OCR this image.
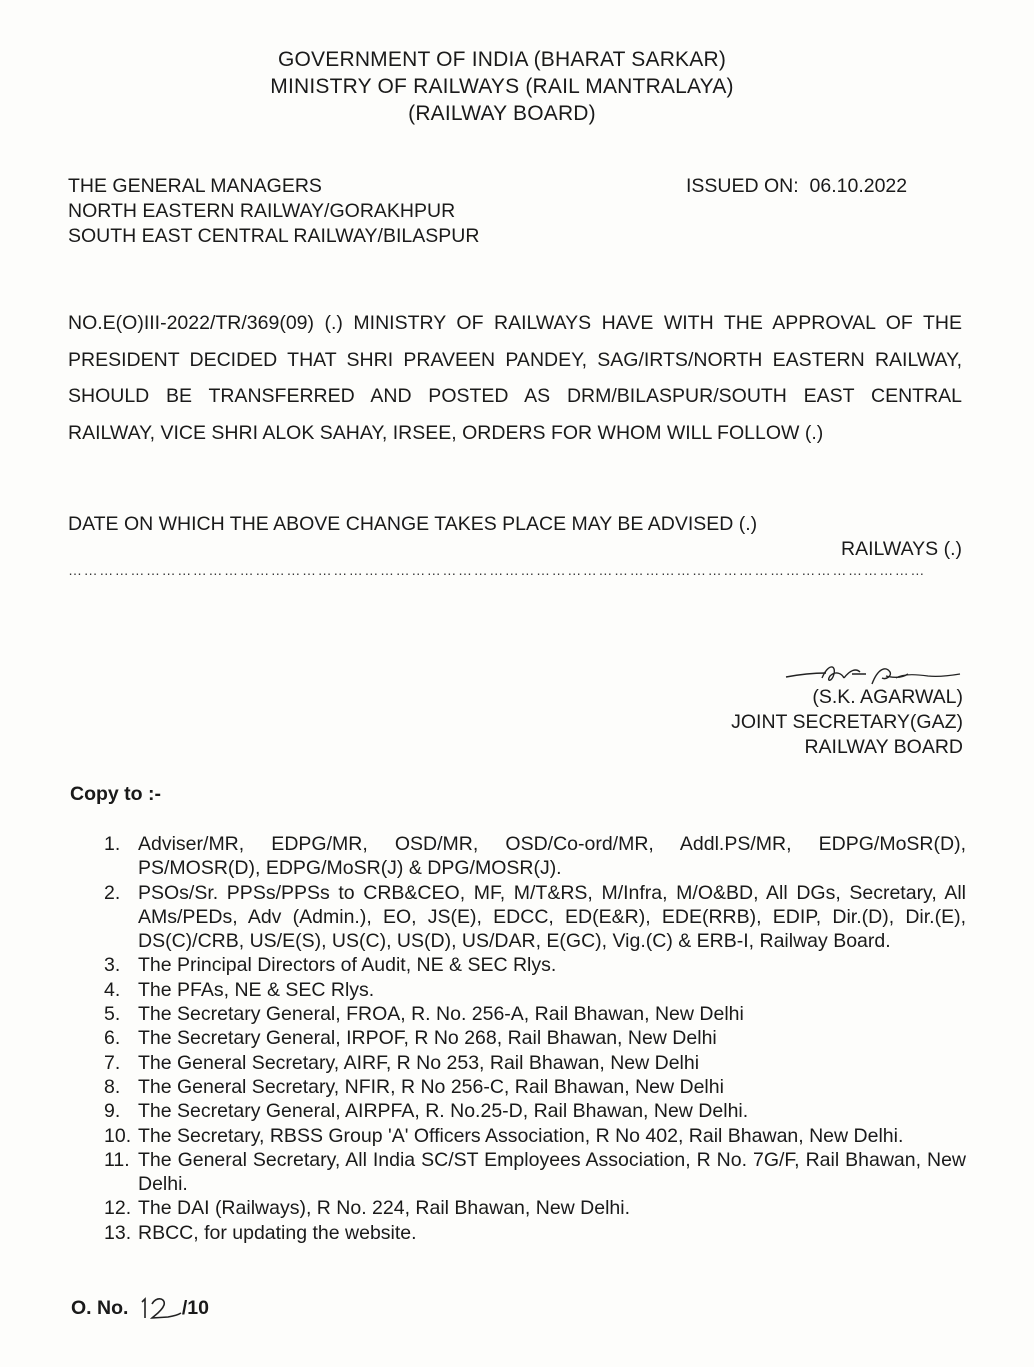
GOVERNMENT OF INDIA (BHARAT SARKAR)
MINISTRY OF RAILWAYS (RAIL MANTRALAYA)
(RAILWAY BOARD)
THE GENERAL MANAGERS
NORTH EASTERN RAILWAY/GORAKHPUR
SOUTH EAST CENTRAL RAILWAY/BILASPUR
ISSUED ON: 06.10.2022
NO.E(O)III-2022/TR/369(09) (.) MINISTRY OF RAILWAYS HAVE WITH THE APPROVAL OF THE PRESIDENT DECIDED THAT SHRI PRAVEEN PANDEY, SAG/IRTS/NORTH EASTERN RAILWAY, SHOULD BE TRANSFERRED AND POSTED AS DRM/BILASPUR/SOUTH EAST CENTRAL RAILWAY, VICE SHRI ALOK SAHAY, IRSEE, ORDERS FOR WHOM WILL FOLLOW (.)
DATE ON WHICH THE ABOVE CHANGE TAKES PLACE MAY BE ADVISED (.)
RAILWAYS (.)
…………………………………………………………………………………………………………………………………………………
(S.K. AGARWAL)
JOINT SECRETARY(GAZ)
RAILWAY BOARD
Copy to :-
1. Adviser/MR, EDPG/MR, OSD/MR, OSD/Co-ord/MR, Addl.PS/MR, EDPG/MoSR(D), PS/MOSR(D), EDPG/MoSR(J) & DPG/MOSR(J).
2. PSOs/Sr. PPSs/PPSs to CRB&CEO, MF, M/T&RS, M/Infra, M/O&BD, All DGs, Secretary, All AMs/PEDs, Adv (Admin.), EO, JS(E), EDCC, ED(E&R), EDE(RRB), EDIP, Dir.(D), Dir.(E), DS(C)/CRB, US/E(S), US(C), US(D), US/DAR, E(GC), Vig.(C) & ERB-I, Railway Board.
3. The Principal Directors of Audit, NE & SEC Rlys.
4. The PFAs, NE & SEC Rlys.
5. The Secretary General, FROA, R. No. 256-A, Rail Bhawan, New Delhi
6. The Secretary General, IRPOF, R No 268, Rail Bhawan, New Delhi
7. The General Secretary, AIRF, R No 253, Rail Bhawan, New Delhi
8. The General Secretary, NFIR, R No 256-C, Rail Bhawan, New Delhi
9. The Secretary General, AIRPFA, R. No.25-D, Rail Bhawan, New Delhi.
10. The Secretary, RBSS Group 'A' Officers Association, R No 402, Rail Bhawan, New Delhi.
11. The General Secretary, All India SC/ST Employees Association, R No. 7G/F, Rail Bhawan, New Delhi.
12. The DAI (Railways), R No. 224, Rail Bhawan, New Delhi.
13. RBCC, for updating the website.
O. No.	/10
